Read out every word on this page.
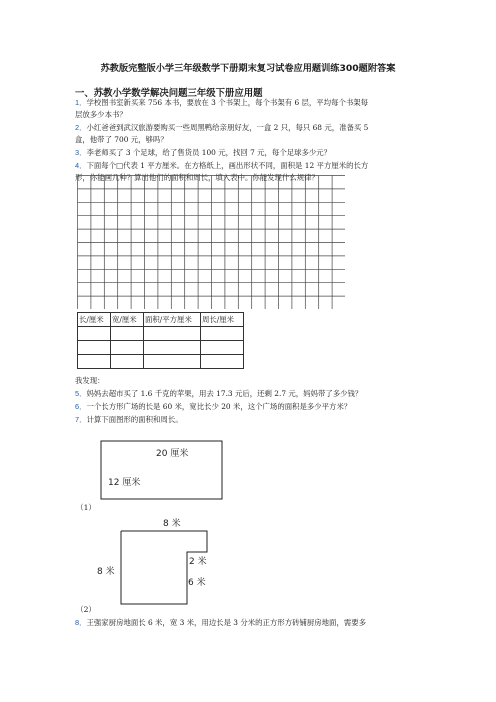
苏教版完整版小学三年级数学下册期末复习试卷应用题训练300题附答案
一、苏教小学数学解决问题三年级下册应用题
1．学校图书室新买来 756 本书，要放在 3 个书架上，每个书架有 6 层，平均每个书架每
层放多少本书？
2．小红爸爸到武汉旅游要购买一些周黑鸭给亲朋好友，一盒 2 只，每只 68 元，准备买 5
盒，他带了 700 元，够吗？
3．李老师买了 3 个足球，给了售货员 100 元，找回 7 元，每个足球多少元？
4．下面每个□代表 1 平方厘米。在方格纸上，画出形状不同，面积是 12 平方厘米的长方
形，你能画几种？算出他们的面积和周长，填入表中。你能发现什么规律？
长/厘米	宽/厘米	面积/平方厘米	周长/厘米

我发现：
5．妈妈去超市买了 1.6 千克的苹果，用去 17.3 元后，还剩 2.7 元，妈妈带了多少钱？
6．一个长方形广场的长是 60 米，宽比长少 20 米，这个广场的面积是多少平方米？
7．计算下面图形的面积和周长。
20 厘米
12 厘米
（1）
8 米
8 米
2 米
6 米
（2）
8．王强家厨房地面长 6 米，宽 3 米，用边长是 3 分米的正方形方砖铺厨房地面，需要多
